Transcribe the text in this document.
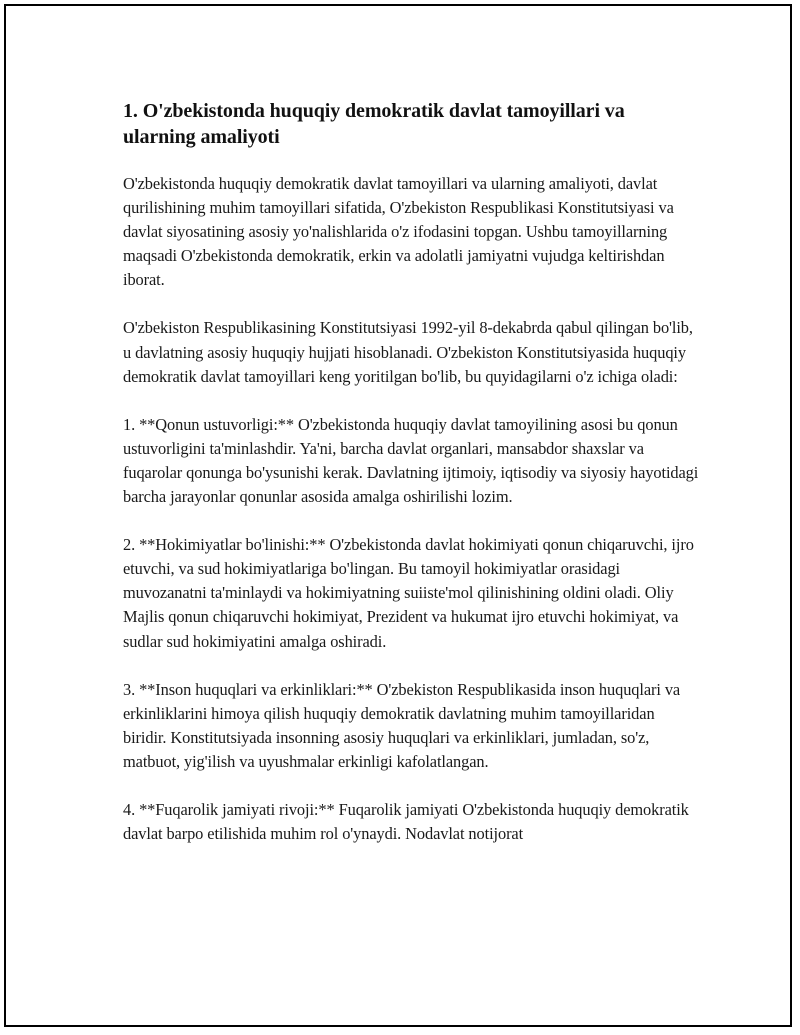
1. O'zbekistonda huquqiy demokratik davlat tamoyillari va ularning amaliyoti

O'zbekistonda huquqiy demokratik davlat tamoyillari va ularning amaliyoti, davlat qurilishining muhim tamoyillari sifatida, O'zbekiston Respublikasi Konstitutsiyasi va davlat siyosatining asosiy yo'nalishlarida o'z ifodasini topgan. Ushbu tamoyillarning maqsadi O'zbekistonda demokratik, erkin va adolatli jamiyatni vujudga keltirishdan iborat.

O'zbekiston Respublikasining Konstitutsiyasi 1992-yil 8-dekabrda qabul qilingan bo'lib, u davlatning asosiy huquqiy hujjati hisoblanadi. O'zbekiston Konstitutsiyasida huquqiy demokratik davlat tamoyillari keng yoritilgan bo'lib, bu quyidagilarni o'z ichiga oladi:

1. **Qonun ustuvorligi:** O'zbekistonda huquqiy davlat tamoyilining asosi bu qonun ustuvorligini ta'minlashdir. Ya'ni, barcha davlat organlari, mansabdor shaxslar va fuqarolar qonunga bo'ysunishi kerak. Davlatning ijtimoiy, iqtisodiy va siyosiy hayotidagi barcha jarayonlar qonunlar asosida amalga oshirilishi lozim.

2. **Hokimiyatlar bo'linishi:** O'zbekistonda davlat hokimiyati qonun chiqaruvchi, ijro etuvchi, va sud hokimiyatlariga bo'lingan. Bu tamoyil hokimiyatlar orasidagi muvozanatni ta'minlaydi va hokimiyatning suiiste'mol qilinishining oldini oladi. Oliy Majlis qonun chiqaruvchi hokimiyat, Prezident va hukumat ijro etuvchi hokimiyat, va sudlar sud hokimiyatini amalga oshiradi.

3. **Inson huquqlari va erkinliklari:** O'zbekiston Respublikasida inson huquqlari va erkinliklarini himoya qilish huquqiy demokratik davlatning muhim tamoyillaridan biridir. Konstitutsiyada insonning asosiy huquqlari va erkinliklari, jumladan, so'z, matbuot, yig'ilish va uyushmalar erkinligi kafolatlangan.

4. **Fuqarolik jamiyati rivoji:** Fuqarolik jamiyati O'zbekistonda huquqiy demokratik davlat barpo etilishida muhim rol o'ynaydi. Nodavlat notijorat
